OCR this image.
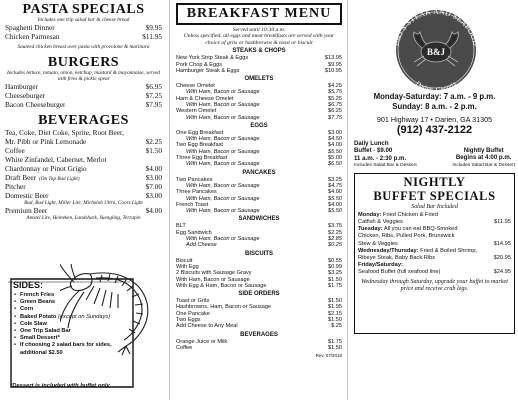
PASTA SPECIALS
Includes one trip salad bar & cheese bread
Spaghetti Dinner	$9.95
Chicken Parmesan	$11.95
Sauteed chicken breast over pasta with provolone & marinara
BURGERS
Includes lettuce, tomato, onion, ketchup, mustard & mayonnaise, served with fries & pickle spear
Hamburger	$6.95
Cheeseburger	$7.25
Bacon Cheeseburger	$7.95
BEVERAGES
Tea, Coke, Diet Coke, Sprite, Root Beer,
Mr. Pibb or Pink Lemonade	$2.25
Coffee	$1.50
White Zinfandel, Cabernet, Merlot
Chardonnay or Pinot Grigio	$4.00
Draft Beer (On Tap Bud Light)	$3.00
Pitcher	$7.00
Domestic Beer	$3.00
Bud, Bud Light, Miller Lite, Michelob Ultra, Coors Light
Premium Beer	$4.00
Amstel Lite, Heineken, Landshark, Yuengling, Terrapin
SIDES:
• French Fries
• Green Beans
• Corn
• Baked Potato (except on Sundays)
• Cole Slaw
• One Trip Salad Bar
• Small Dessert*
• If choosing 2 salad bars for sides, additional $2.50
*Dessert is included with buffet only
BREAKFAST MENU
Served until 10:30 a.m.
Unless specified, all eggs and meat breakfasts are served with your choice of grits or hashbrowns & toast or biscuit
STEAKS & CHOPS
New York Strip Steak & Eggs	$13.95
Pork Chop & Eggs	$9.95
Hamburger Steak & Eggs	$10.95
OMELETS
Cheese Omelet	$4.25
With Ham, Bacon or Sausage	$5.75
Ham & Cheese Omelet	$5.25
With Ham, Bacon or Sausage	$6.75
Western Omelet	$6.25
With Ham, Bacon or Sausage	$7.75
EGGS
One Egg Breakfast	$3.00
With Ham, Bacon or Sausage	$4.50
Two Egg Breakfast	$4.00
With Ham, Bacon or Sausage	$5.50
Three Egg Breakfast	$5.00
With Ham, Bacon or Sausage	$6.50
PANCAKES
Two Pancakes	$3.25
With Ham, Bacon or Sausage	$4.75
Three Pancakes	$4.00
With Ham, Bacon or Sausage	$5.50
French Toast	$4.00
With Ham, Bacon or Sausage	$5.50
SANDWICHES
BLT	$3.75
Egg Sandwich	$2.25
With Ham, Bacon or Sausage	$2.85
Add Cheese	$0.25
BISCUITS
Biscuit	$0.55
With Egg	$0.99
2 Biscuits with Sausage Gravy	$3.25
With Ham, Bacon or Sausage	$1.50
With Egg & Ham, Bacon or Sausage	$1.75
SIDE ORDERS
Toast or Grits	$1.50
Hashbrowns, Ham, Bacon or Sausage	$1.95
One Pancake	$2.15
Two Eggs	$1.50
Add Cheese to Any Meal	$.25
BEVERAGES
Orange Juice or Milk	$1.75
Coffee	$1.50
Rev. 07/2018
B&J'S STEAK AND SEAFOOD
Darien, Georgia
B&J
Monday-Saturday: 7 a.m. - 9 p.m.
Sunday: 8 a.m. - 2 p.m.
901 Highway 17 • Darien, GA 31305
(912) 437-2122
Daily Lunch
Buffet - $9.00
11 a.m. - 2:30 p.m.
Includes Salad Bar & Dessert
Nightly Buffet
Begins at 4:00 p.m.
Includes Salad Bar & Dessert
NIGHTLY
BUFFET SPECIALS
Salad Bar Included
Monday: Fried Chicken & Fried
Catfish & Veggies	$11.95
Tuesday: All you can eat BBQ-Smoked
Chicken, Ribs, Pulled Pork, Brunswick
Stew & Veggies	$14.95
Wednesday/Thursday: Fried & Boiled Shrimp,
Ribeye Steak, Baby Back Ribs	$20.95
Friday/Saturday:
Seafood Buffet (full seafood line)	$24.95
Wednesday through Saturday, upgrade your buffet to market price and receive crab legs.
